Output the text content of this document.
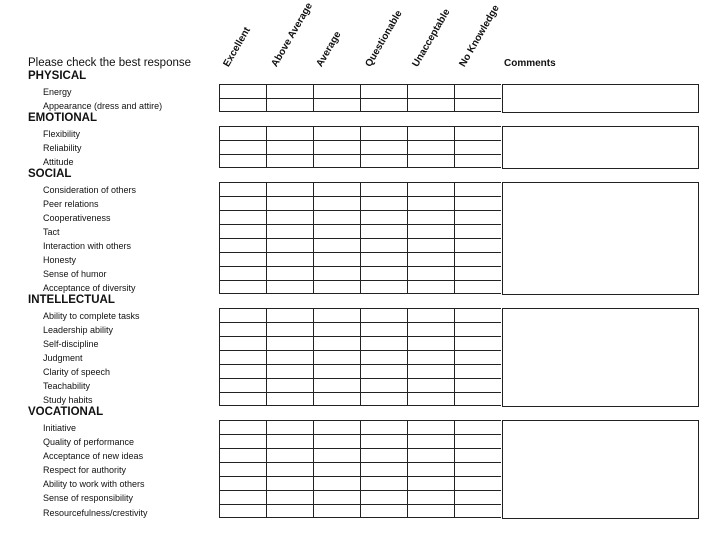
Excellent Above Average Average Questionable Unacceptable No Knowledge
Please check the best response	Comments
PHYSICAL
Energy
Appearance (dress and attire)
EMOTIONAL
Flexibility
Reliability
Attitude
SOCIAL
Consideration of others
Peer relations
Cooperativeness
Tact
Interaction with others
Honesty
Sense of humor
Acceptance of diversity
INTELLECTUAL
Ability to complete tasks
Leadership ability
Self-discipline
Judgment
Clarity of speech
Teachability
Study habits
VOCATIONAL
Initiative
Quality of performance
Acceptance of new ideas
Respect for authority
Ability to work with others
Sense of responsibility
Resourcefulness/crestivity
